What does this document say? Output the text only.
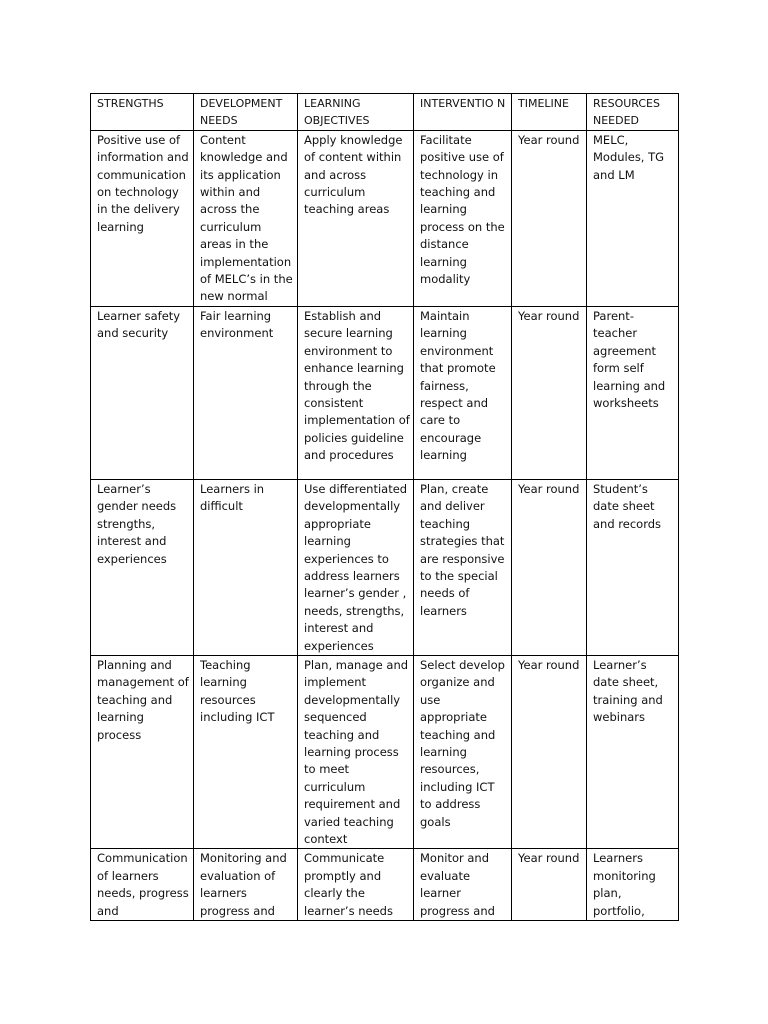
STRENGTHS	DEVELOPMENT NEEDS	LEARNING OBJECTIVES	INTERVENTIO N	TIMELINE	RESOURCES NEEDED
Positive use of information and communication on technology in the delivery learning	Content knowledge and its application within and across the curriculum areas in the implementation of MELC’s in the new normal	Apply knowledge of content within and across curriculum teaching areas	Facilitate positive use of technology in teaching and learning process on the distance learning modality	Year round	MELC, Modules, TG and LM
Learner safety and security	Fair learning environment	Establish and secure learning environment to enhance learning through the consistent implementation of policies guideline and procedures	Maintain learning environment that promote fairness, respect and care to encourage learning	Year round	Parent-teacher agreement form self learning and worksheets
Learner’s gender needs strengths, interest and experiences	Learners in difficult	Use differentiated developmentally appropriate learning experiences to address learners learner’s gender , needs, strengths, interest and experiences	Plan, create and deliver teaching strategies that are responsive to the special needs of learners	Year round	Student’s date sheet and records
Planning and management of teaching and learning process	Teaching learning resources including ICT	Plan, manage and implement developmentally sequenced teaching and learning process to meet curriculum requirement and varied teaching context	Select develop organize and use appropriate teaching and learning resources, including ICT to address goals	Year round	Learner’s date sheet, training and webinars
Communication of learners needs, progress and	Monitoring and evaluation of learners progress and	Communicate promptly and clearly the learner’s needs	Monitor and evaluate learner progress and	Year round	Learners monitoring plan, portfolio,
